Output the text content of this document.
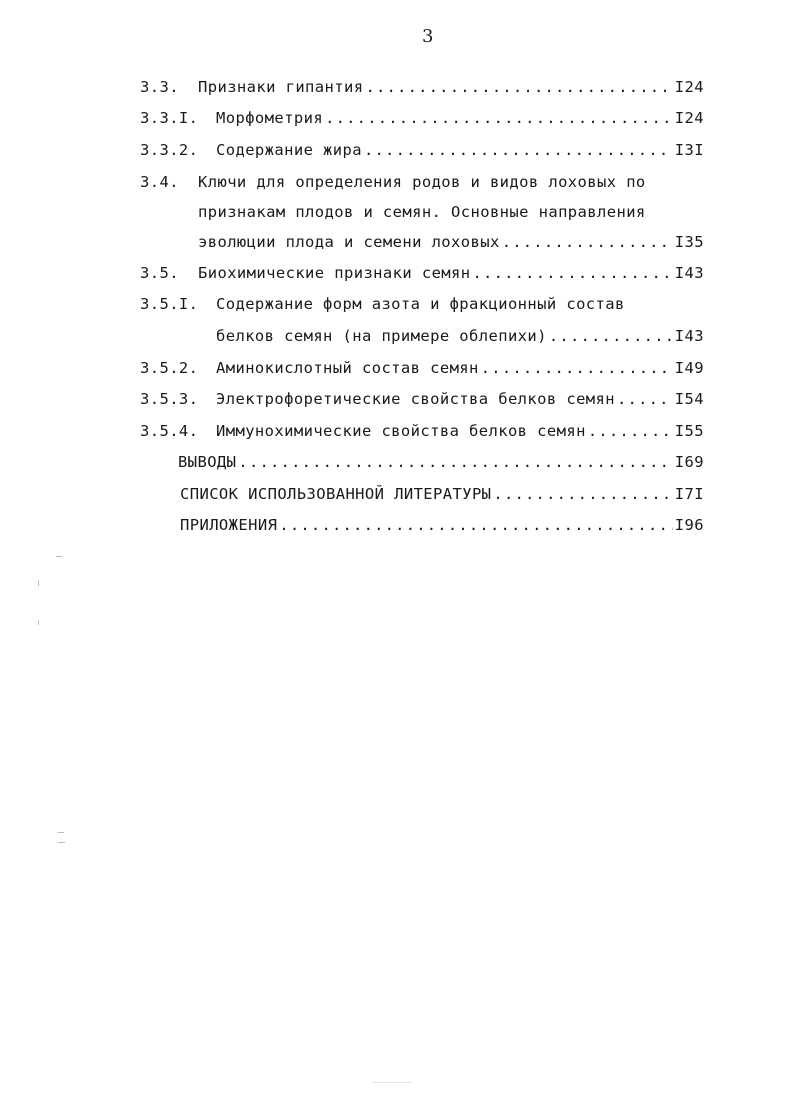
3
3.3. Признаки гипантия .....	I24
3.3.I. Морфометрия .....	I24
3.3.2. Содержание жира .....	I3I
3.4. Ключи для определения родов и видов лоховых по
признакам плодов и семян. Основные направления
эволюции плода и семени лоховых .....	I35
3.5. Биохимические признаки семян .....	I43
3.5.I. Содержание форм азота и фракционный состав
белков семян (на примере облепихи) .....	I43
3.5.2. Аминокислотный состав семян .....	I49
3.5.3. Электрофоретические свойства белков семян .....	I54
3.5.4. Иммунохимические свойства белков семян .....	I55
ВЫВОДЫ .....	I69
СПИСОК ИСПОЛЬЗОВАННОЙ ЛИТЕРАТУРЫ .....	I7I
ПРИЛОЖЕНИЯ .....	I96
